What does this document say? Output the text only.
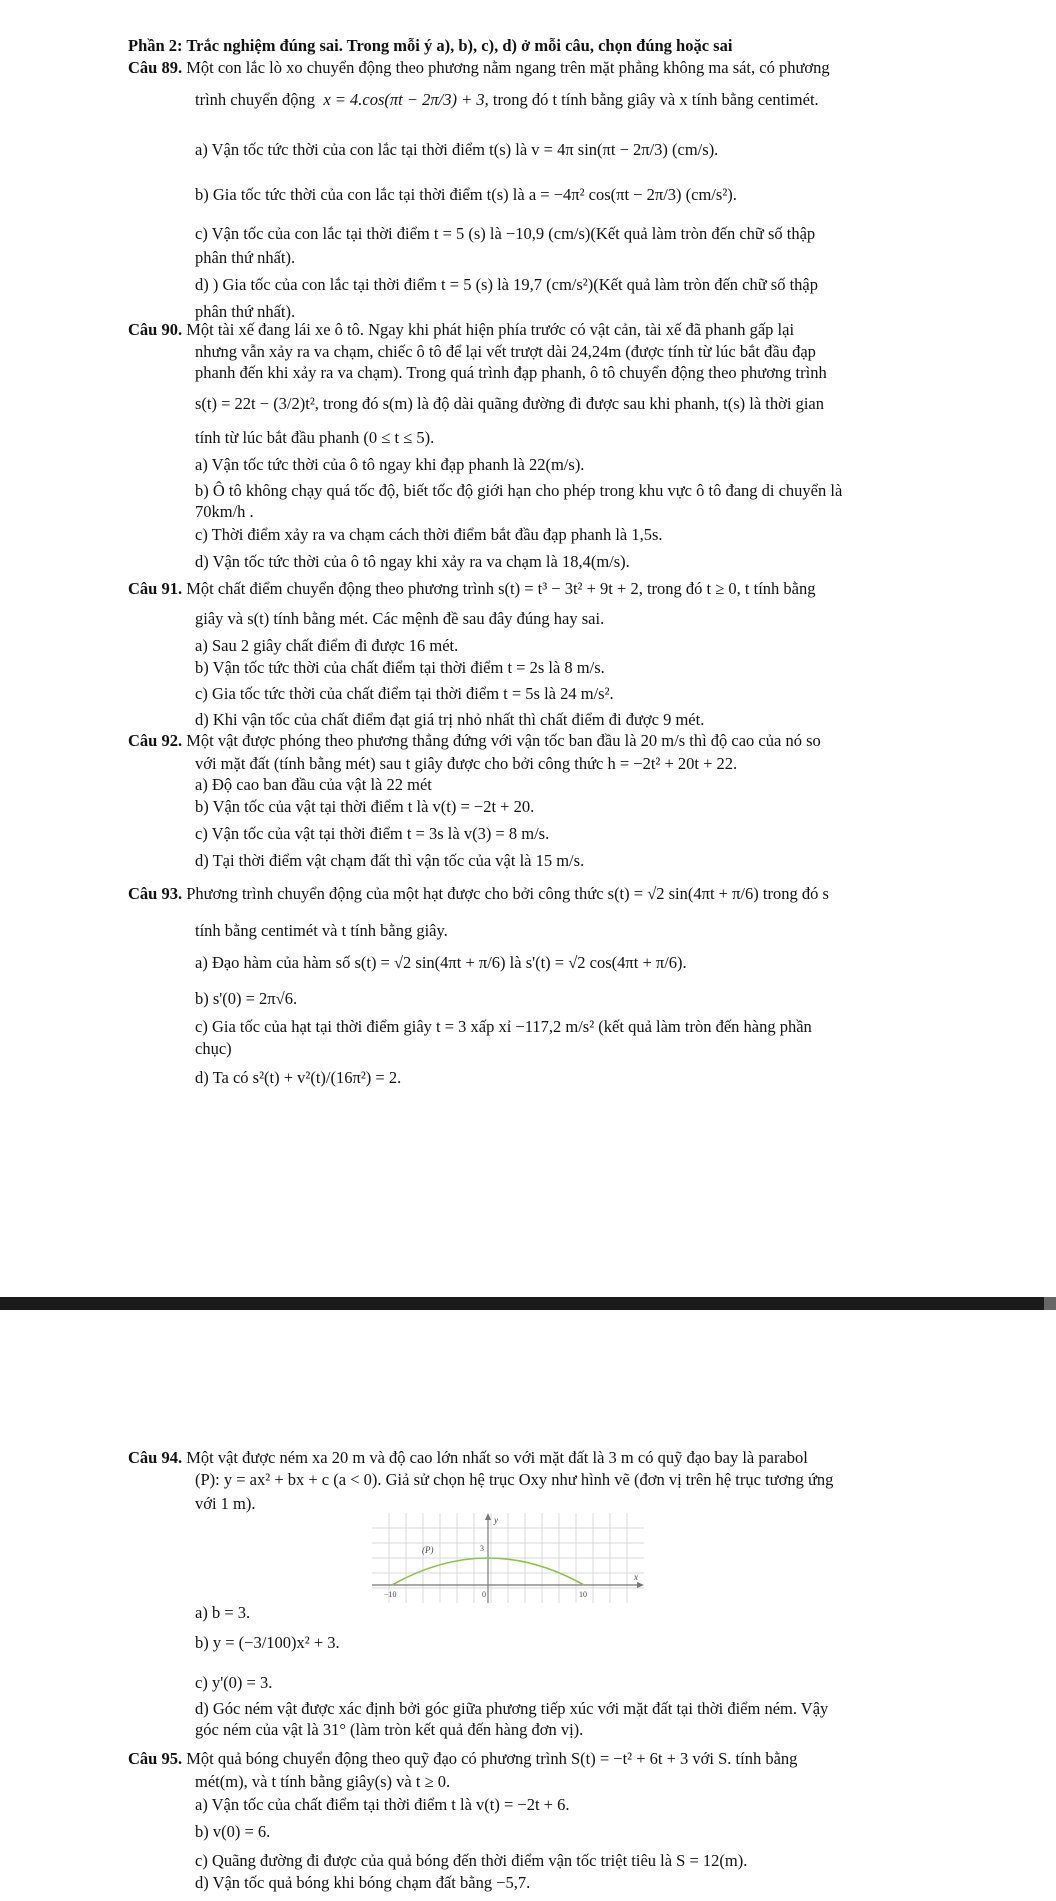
Phần 2: Trắc nghiệm đúng sai. Trong mỗi ý a), b), c), d) ở mỗi câu, chọn đúng hoặc sai
Câu 89. Một con lắc lò xo chuyển động theo phương nằm ngang trên mặt phẳng không ma sát, có phương
trình chuyển động x = 4.cos(πt − 2π/3) + 3, trong đó t tính bằng giây và x tính bằng centimét.
a) Vận tốc tức thời của con lắc tại thời điểm t(s) là v = 4π sin(πt − 2π/3) (cm/s).
b) Gia tốc tức thời của con lắc tại thời điểm t(s) là a = −4π² cos(πt − 2π/3) (cm/s²).
c) Vận tốc của con lắc tại thời điểm t = 5 (s) là −10,9 (cm/s)(Kết quả làm tròn đến chữ số thập
phân thứ nhất).
d) ) Gia tốc của con lắc tại thời điểm t = 5 (s) là 19,7 (cm/s²)(Kết quả làm tròn đến chữ số thập
phân thứ nhất).
Câu 90. Một tài xế đang lái xe ô tô. Ngay khi phát hiện phía trước có vật cản, tài xế đã phanh gấp lại
nhưng vẫn xảy ra va chạm, chiếc ô tô để lại vết trượt dài 24,24m (được tính từ lúc bắt đầu đạp
phanh đến khi xảy ra va chạm). Trong quá trình đạp phanh, ô tô chuyển động theo phương trình
s(t) = 22t − (3/2)t², trong đó s(m) là độ dài quãng đường đi được sau khi phanh, t(s) là thời gian
tính từ lúc bắt đầu phanh (0 ≤ t ≤ 5).
a) Vận tốc tức thời của ô tô ngay khi đạp phanh là 22(m/s).
b) Ô tô không chạy quá tốc độ, biết tốc độ giới hạn cho phép trong khu vực ô tô đang di chuyển là
70km/h .
c) Thời điểm xảy ra va chạm cách thời điểm bắt đầu đạp phanh là 1,5s.
d) Vận tốc tức thời của ô tô ngay khi xảy ra va chạm là 18,4(m/s).
Câu 91. Một chất điểm chuyển động theo phương trình s(t) = t³ − 3t² + 9t + 2, trong đó t ≥ 0, t tính bằng
giây và s(t) tính bằng mét. Các mệnh đề sau đây đúng hay sai.
a) Sau 2 giây chất điểm đi được 16 mét.
b) Vận tốc tức thời của chất điểm tại thời điểm t = 2s là 8 m/s.
c) Gia tốc tức thời của chất điểm tại thời điểm t = 5s là 24 m/s².
d) Khi vận tốc của chất điểm đạt giá trị nhỏ nhất thì chất điểm đi được 9 mét.
Câu 92. Một vật được phóng theo phương thẳng đứng với vận tốc ban đầu là 20 m/s thì độ cao của nó so
với mặt đất (tính bằng mét) sau t giây được cho bởi công thức h = −2t² + 20t + 22.
a) Độ cao ban đầu của vật là 22 mét
b) Vận tốc của vật tại thời điểm t là v(t) = −2t + 20.
c) Vận tốc của vật tại thời điểm t = 3s là v(3) = 8 m/s.
d) Tại thời điểm vật chạm đất thì vận tốc của vật là 15 m/s.
Câu 93. Phương trình chuyển động của một hạt được cho bởi công thức s(t) = √2 sin(4πt + π/6) trong đó s
tính bằng centimét và t tính bằng giây.
a) Đạo hàm của hàm số s(t) = √2 sin(4πt + π/6) là s'(t) = √2 cos(4πt + π/6).
b) s'(0) = 2π√6.
c) Gia tốc của hạt tại thời điểm giây t = 3 xấp xỉ −117,2 m/s² (kết quả làm tròn đến hàng phần
chục)
d) Ta có s²(t) + v²(t)/(16π²) = 2.
Câu 94. Một vật được ném xa 20 m và độ cao lớn nhất so với mặt đất là 3 m có quỹ đạo bay là parabol
(P): y = ax² + bx + c (a < 0). Giả sử chọn hệ trục Oxy như hình vẽ (đơn vị trên hệ trục tương ứng
với 1 m).
(P)
y
x
3
−10	0	10
a) b = 3.
b) y = (−3/100)x² + 3.
c) y'(0) = 3.
d) Góc ném vật được xác định bởi góc giữa phương tiếp xúc với mặt đất tại thời điểm ném. Vậy
góc ném của vật là 31° (làm tròn kết quả đến hàng đơn vị).
Câu 95. Một quả bóng chuyển động theo quỹ đạo có phương trình S(t) = −t² + 6t + 3 với S. tính bằng
mét(m), và t tính bằng giây(s) và t ≥ 0.
a) Vận tốc của chất điểm tại thời điểm t là v(t) = −2t + 6.
b) v(0) = 6.
c) Quãng đường đi được của quả bóng đến thời điểm vận tốc triệt tiêu là S = 12(m).
d) Vận tốc quả bóng khi bóng chạm đất bằng −5,7.
